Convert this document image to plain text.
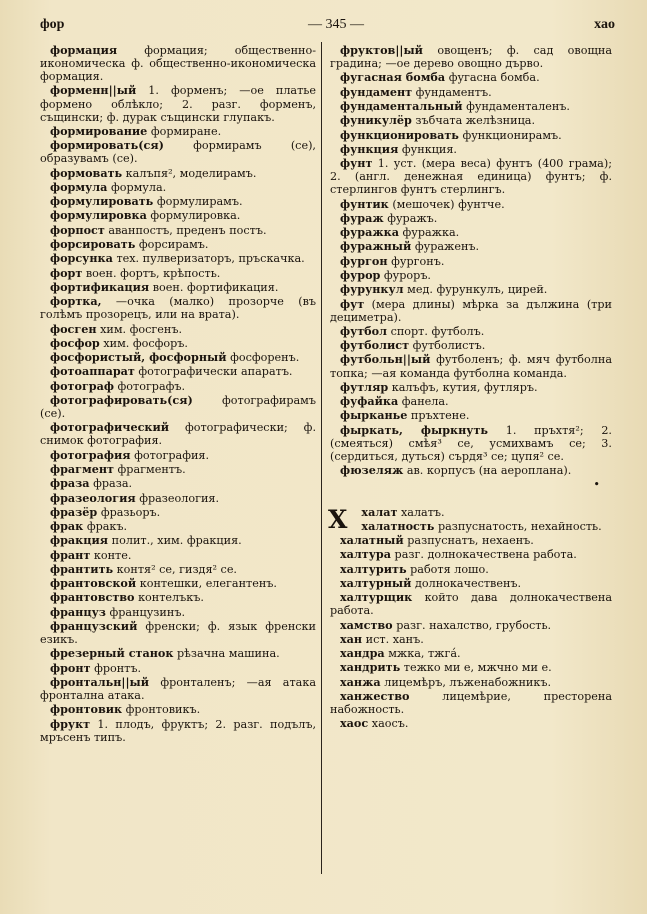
фор	— 345 —	хао
формация формация; общественно-икономическа ф. общественно-икономическа формация.
форменн||ый 1. форменъ; —ое платье форменo облѣкло; 2. разг. форменъ, същински; ф. дурак същински глупакъ.
формирование формиране.
формировать(ся)	формирамъ (се), образувамъ (се).
формовать калъпя², моделирамъ.
формула формула.
формулировать формулирамъ.
формулировка формулировка.
форпост аванпостъ, преденъ постъ.
форсировать форсирамъ.
форсунка тех. пулверизаторъ, пръскачка.
форт воен. фортъ, крѣпость.
фортификация воен. фортификация.
фортка, —очка (малко) прозорче (въ голѣмъ прозорецъ, или на врата).
фосген хим. фосгенъ.
фосфор хим. фосфоръ.
фосфористый, фосфорный фосфоренъ.
фотоаппарат фотографически апаратъ.
фотограф фотографъ.
фотографировать(ся)	фотографирамъ (се).
фотографический фотографически; ф. снимок фотография.
фотография фотография.
фрагмент фрагментъ.
фраза фраза.
фразеология фразеология.
фразёр фразьоръ.
фрак фракъ.
фракция полит., хим. фракция.
франт конте.
франтить контя² се, гиздя² се.
франтовской контешки, елегантенъ.
франтовство контелъкъ.
француз французинъ.
французский френски; ф. язык френски езикъ.
фрезерный станок рѣзачна машина.
фронт фронтъ.
фронтальн||ый фронталенъ; —ая атака фронтална атака.
фронтовик фронтовикъ.
фрукт 1. плодъ, фруктъ; 2. разг. подълъ, мръсенъ типъ.
фруктов||ый овощенъ; ф. сад овощна градина; —ое дерево овощно дърво.
фугасная бомба фугасна бомба.
фундамент фундаментъ.
фундаментальный фундаменталенъ.
фуникулёр зъбчата желѣзница.
функционировать функционирамъ.
функция функция.
фунт 1. уст. (мера веса) фунтъ (400 грама); 2. (англ. денежная единица) фунтъ; ф. стерлингов фунтъ стерлингъ.
фунтик (мешочек) фунтче.
фураж фуражъ.
фуражка фуражка.
фуражный фураженъ.
фургон фургонъ.
фурор фуроръ.
фурункул мед. фурункулъ, цирей.
фут (мера длины) мѣрка за дължина (три дециметра).
футбол спорт. футболъ.
футболист футболистъ.
футбольн||ый футболенъ; ф. мяч футболна топка; —ая команда футболна команда.
футляр калъфъ, кутия, футляръ.
фуфайка фанела.
фырканье пръхтене.
фыркать, фыркнуть 1. пръхтя²; 2. (смеяться) смѣя³ се, усмихвамъ се; 3. (сердиться, дуться) сърдя³ се; цупя² се.
фюзеляж ав. корпусъ (на аероплана).
•
Х	халат халатъ.
халатность разпуснатость, нехайность.
халатный разпуснатъ, нехаенъ.
халтура разг. долнокачествена работа.
халтурить работя лошо.
халтурный долнокачественъ.
халтурщик който дава долнокачествена работа.
хамство разг. нахалство, грубость.
хан ист. ханъ.
хандра мжка, тжгá.
хандрить тежко ми е, мжчно ми е.
ханжа лицемѣръ, лъженабожникъ.
ханжество	лицемѣрие, престорена набожность.
хаос хаосъ.
